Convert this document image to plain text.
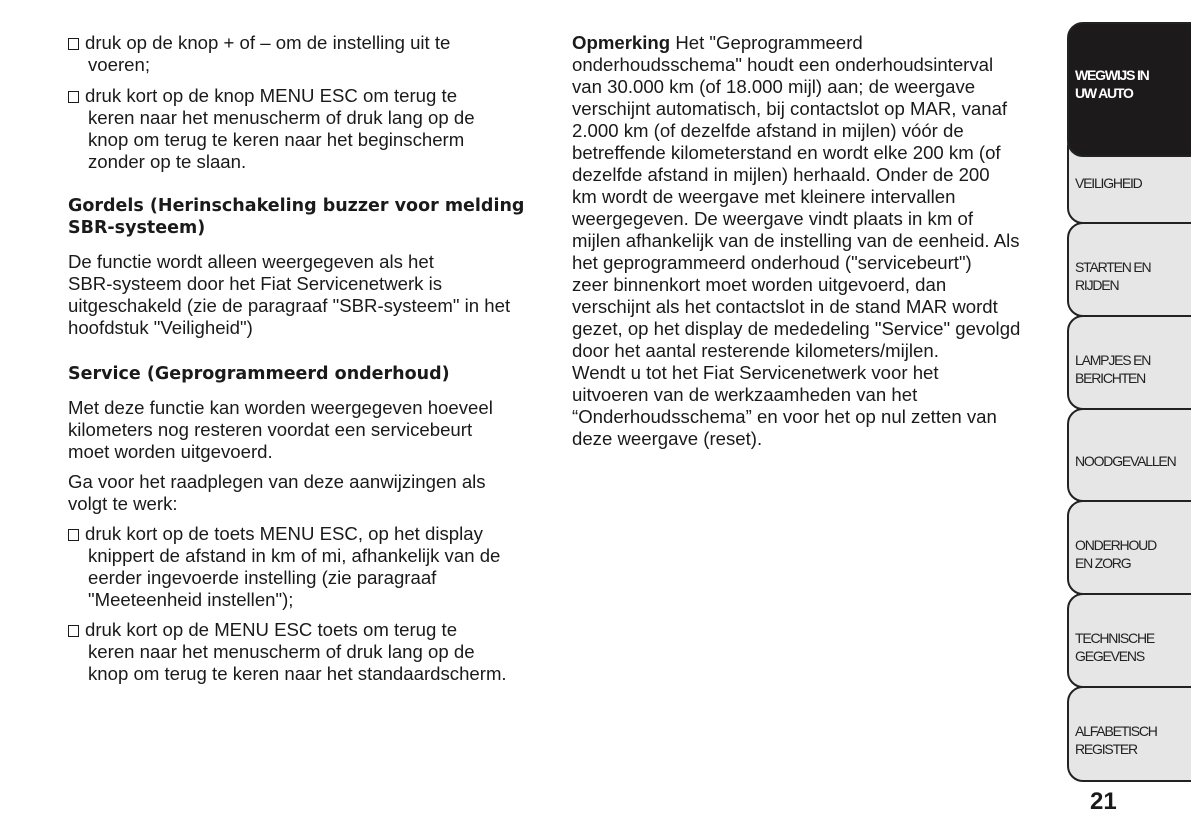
druk op de knop + of – om de instelling uit te
voeren;
druk kort op de knop MENU ESC om terug te
keren naar het menuscherm of druk lang op de
knop om terug te keren naar het beginscherm
zonder op te slaan.
Gordels (Herinschakeling buzzer voor melding
SBR-systeem)
De functie wordt alleen weergegeven als het
SBR-systeem door het Fiat Servicenetwerk is
uitgeschakeld (zie de paragraaf "SBR-systeem" in het
hoofdstuk "Veiligheid")
Service (Geprogrammeerd onderhoud)
Met deze functie kan worden weergegeven hoeveel
kilometers nog resteren voordat een servicebeurt
moet worden uitgevoerd.
Ga voor het raadplegen van deze aanwijzingen als
volgt te werk:
druk kort op de toets MENU ESC, op het display
knippert de afstand in km of mi, afhankelijk van de
eerder ingevoerde instelling (zie paragraaf
"Meeteenheid instellen");
druk kort op de MENU ESC toets om terug te
keren naar het menuscherm of druk lang op de
knop om terug te keren naar het standaardscherm.
Opmerking Het "Geprogrammeerd
onderhoudsschema" houdt een onderhoudsinterval
van 30.000 km (of 18.000 mijl) aan; de weergave
verschijnt automatisch, bij contactslot op MAR, vanaf
2.000 km (of dezelfde afstand in mijlen) vóór de
betreffende kilometerstand en wordt elke 200 km (of
dezelfde afstand in mijlen) herhaald. Onder de 200
km wordt de weergave met kleinere intervallen
weergegeven. De weergave vindt plaats in km of
mijlen afhankelijk van de instelling van de eenheid. Als
het geprogrammeerd onderhoud ("servicebeurt")
zeer binnenkort moet worden uitgevoerd, dan
verschijnt als het contactslot in de stand MAR wordt
gezet, op het display de mededeling "Service" gevolgd
door het aantal resterende kilometers/mijlen.
Wendt u tot het Fiat Servicenetwerk voor het
uitvoeren van de werkzaamheden van het
“Onderhoudsschema” en voor het op nul zetten van
deze weergave (reset).
WEGWIJS IN UW AUTO
VEILIGHEID
STARTEN EN RIJDEN
LAMPJES EN BERICHTEN
NOODGEVALLEN
ONDERHOUD EN ZORG
TECHNISCHE GEGEVENS
ALFABETISCH REGISTER
21
